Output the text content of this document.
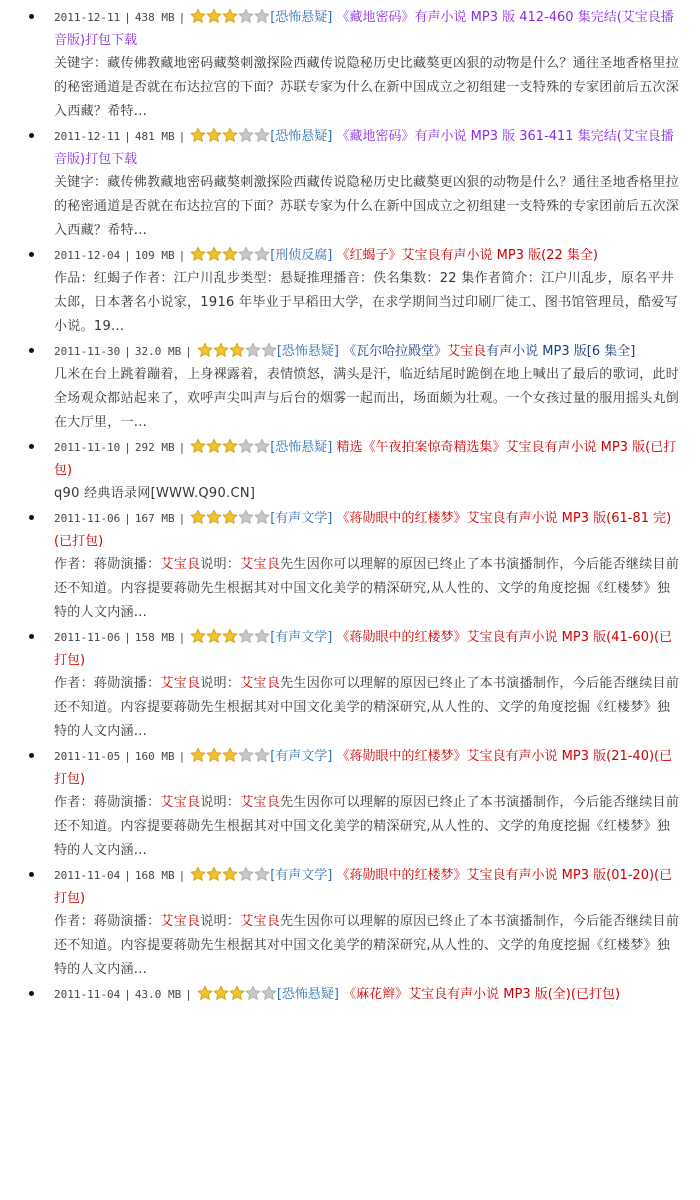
2011-12-11 | 438 MB |	[恐怖悬疑] 《藏地密码》有声小说 MP3 版 412-460 集完结(艾宝良播音版)打包下载
关键字：藏传佛教藏地密码藏獒刺激探险西藏传说隐秘历史比藏獒更凶狠的动物是什么？通往圣地香格里拉的秘密通道是否就在布达拉宫的下面？苏联专家为什么在新中国成立之初组建一支特殊的专家团前后五次深入西藏？希特...
2011-12-11 | 481 MB |	[恐怖悬疑] 《藏地密码》有声小说 MP3 版 361-411 集完结(艾宝良播音版)打包下载
关键字：藏传佛教藏地密码藏獒刺激探险西藏传说隐秘历史比藏獒更凶狠的动物是什么？通往圣地香格里拉的秘密通道是否就在布达拉宫的下面？苏联专家为什么在新中国成立之初组建一支特殊的专家团前后五次深入西藏？希特...
2011-12-04 | 109 MB |	[刑侦反腐] 《红蝎子》艾宝良有声小说 MP3 版(22 集全)
作品：红蝎子作者：江户川乱步类型：悬疑推理播音：佚名集数：22 集作者简介：江户川乱步，原名平井太郎，日本著名小说家，1916 年毕业于早稻田大学，在求学期间当过印刷厂徒工、图书馆管理员，酷爱写小说。19...
2011-11-30 | 32.0 MB |	[恐怖悬疑] 《瓦尔哈拉殿堂》艾宝良有声小说 MP3 版[6 集全]
几米在台上跳着蹦着，上身裸露着，表情愤怒，满头是汗，临近结尾时跪倒在地上喊出了最后的歌词，此时全场观众都站起来了，欢呼声尖叫声与后台的烟雾一起而出，场面颇为壮观。一个女孩过量的服用摇头丸倒在大厅里，一...
2011-11-10 | 292 MB |	[恐怖悬疑] 精选《午夜拍案惊奇精选集》艾宝良有声小说 MP3 版(已打包)
q90 经典语录网[WWW.Q90.CN]
2011-11-06 | 167 MB |	[有声文学] 《蒋勋眼中的红楼梦》艾宝良有声小说 MP3 版(61-81 完)(已打包)
作者：蒋勋演播：艾宝良说明：艾宝良先生因你可以理解的原因已终止了本书演播制作，今后能否继续目前还不知道。内容提要蒋勋先生根据其对中国文化美学的精深研究,从人性的、文学的角度挖掘《红楼梦》独特的人文内涵...
2011-11-06 | 158 MB |	[有声文学] 《蒋勋眼中的红楼梦》艾宝良有声小说 MP3 版(41-60)(已打包)
作者：蒋勋演播：艾宝良说明：艾宝良先生因你可以理解的原因已终止了本书演播制作，今后能否继续目前还不知道。内容提要蒋勋先生根据其对中国文化美学的精深研究,从人性的、文学的角度挖掘《红楼梦》独特的人文内涵...
2011-11-05 | 160 MB |	[有声文学] 《蒋勋眼中的红楼梦》艾宝良有声小说 MP3 版(21-40)(已打包)
作者：蒋勋演播：艾宝良说明：艾宝良先生因你可以理解的原因已终止了本书演播制作，今后能否继续目前还不知道。内容提要蒋勋先生根据其对中国文化美学的精深研究,从人性的、文学的角度挖掘《红楼梦》独特的人文内涵...
2011-11-04 | 168 MB |	[有声文学] 《蒋勋眼中的红楼梦》艾宝良有声小说 MP3 版(01-20)(已打包)
作者：蒋勋演播：艾宝良说明：艾宝良先生因你可以理解的原因已终止了本书演播制作，今后能否继续目前还不知道。内容提要蒋勋先生根据其对中国文化美学的精深研究,从人性的、文学的角度挖掘《红楼梦》独特的人文内涵...
2011-11-04 | 43.0 MB |	[恐怖悬疑] 《麻花辫》艾宝良有声小说 MP3 版(全)(已打包)
